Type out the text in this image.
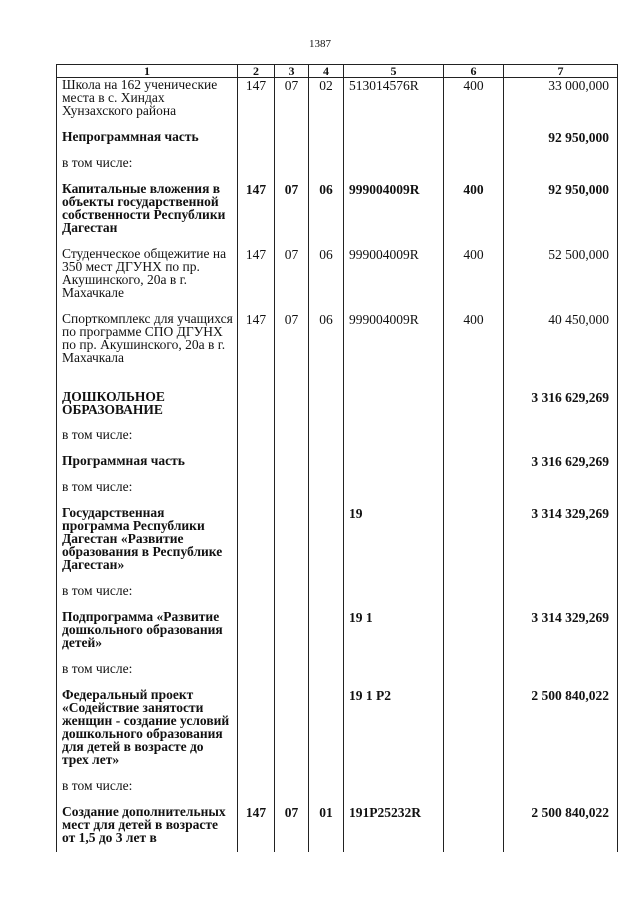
1387
1	2	3	4	5	6	7
Школа на 162 ученические места в с. Хиндах Хунзахского района	147	07	02	513014576R	400	33 000,000
Непрограммная часть						92 950,000
в том числе:						
Капитальные вложения в объекты государственной собственности Республики Дагестан	147	07	06	999004009R	400	92 950,000
Студенческое общежитие на 350 мест ДГУНХ по пр. Акушинского, 20а в г. Махачкале	147	07	06	999004009R	400	52 500,000
Спорткомплекс для учащихся по программе СПО ДГУНХ по пр. Акушинского, 20а в г. Махачкала	147	07	06	999004009R	400	40 450,000
ДОШКОЛЬНОЕ ОБРАЗОВАНИЕ						3 316 629,269
в том числе:						
Программная часть						3 316 629,269
в том числе:						
Государственная программа Республики Дагестан «Развитие образования в Республике Дагестан»				19		3 314 329,269
в том числе:						
Подпрограмма «Развитие дошкольного образования детей»				19 1		3 314 329,269
в том числе:						
Федеральный проект «Содействие занятости женщин - создание условий дошкольного образования для детей в возрасте до трех лет»				19 1 P2		2 500 840,022
в том числе:						
Создание дополнительных мест для детей в возрасте от 1,5 до 3 лет в	147	07	01	191P25232R		2 500 840,022
